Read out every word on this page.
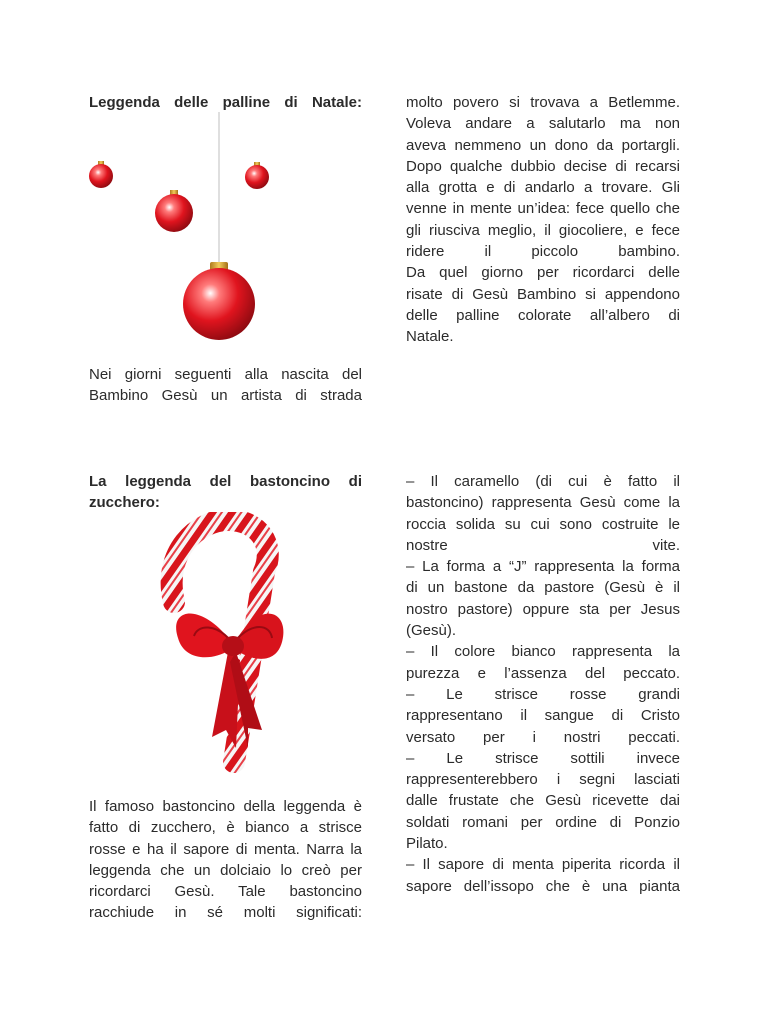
Leggenda delle palline di Natale:
Nei giorni seguenti alla nascita del
Bambino Gesù un artista di strada
molto povero si trovava a Betlemme.
Voleva andare a salutarlo ma non
aveva nemmeno un dono da portargli.
Dopo qualche dubbio decise di recarsi
alla grotta e di andarlo a trovare. Gli
venne in mente un’idea: fece quello che
gli riusciva meglio, il giocoliere, e fece
ridere il piccolo bambino.
Da quel giorno per ricordarci delle
risate di Gesù Bambino si appendono
delle palline colorate all’albero di
Natale.
La leggenda del bastoncino di
zucchero:
Il famoso bastoncino della leggenda è
fatto di zucchero, è bianco a strisce
rosse e ha il sapore di menta. Narra la
leggenda che un dolciaio lo creò per
ricordarci Gesù. Tale bastoncino
racchiude in sé molti significati:
– Il caramello (di cui è fatto il
bastoncino) rappresenta Gesù come la
roccia solida su cui sono costruite le
nostre vite.
– La forma a “J” rappresenta la forma
di un bastone da pastore (Gesù è il
nostro pastore) oppure sta per Jesus
(Gesù).
– Il colore bianco rappresenta la
purezza e l’assenza del peccato.
– Le strisce rosse grandi
rappresentano il sangue di Cristo
versato per i nostri peccati.
– Le strisce sottili invece
rappresenterebbero i segni lasciati
dalle frustate che Gesù ricevette dai
soldati romani per ordine di Ponzio
Pilato.
– Il sapore di menta piperita ricorda il
sapore dell’issopo che è una pianta
